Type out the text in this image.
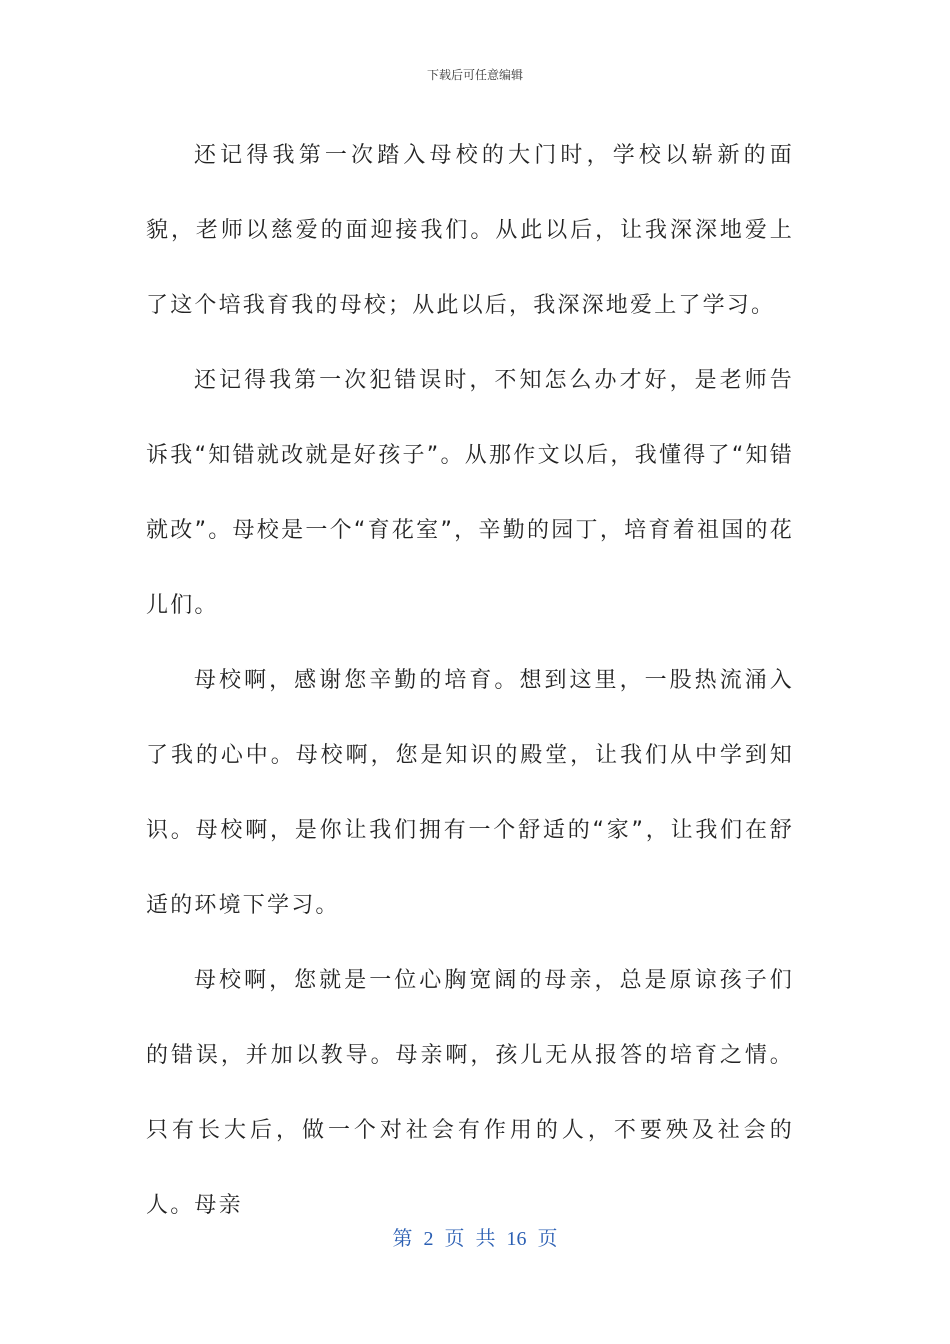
下载后可任意编辑

还记得我第一次踏入母校的大门时，学校以崭新的面貌，老师以慈爱的面迎接我们。从此以后，让我深深地爱上了这个培我育我的母校；从此以后，我深深地爱上了学习。

还记得我第一次犯错误时，不知怎么办才好，是老师告诉我“知错就改就是好孩子”。从那作文以后，我懂得了“知错就改”。母校是一个“育花室”，辛勤的园丁，培育着祖国的花儿们。

母校啊，感谢您辛勤的培育。想到这里，一股热流涌入了我的心中。母校啊，您是知识的殿堂，让我们从中学到知识。母校啊，是你让我们拥有一个舒适的“家”，让我们在舒适的环境下学习。

母校啊，您就是一位心胸宽阔的母亲，总是原谅孩子们的错误，并加以教导。母亲啊，孩儿无从报答的培育之情。只有长大后，做一个对社会有作用的人，不要殃及社会的人。母亲

第 2 页 共 16 页
